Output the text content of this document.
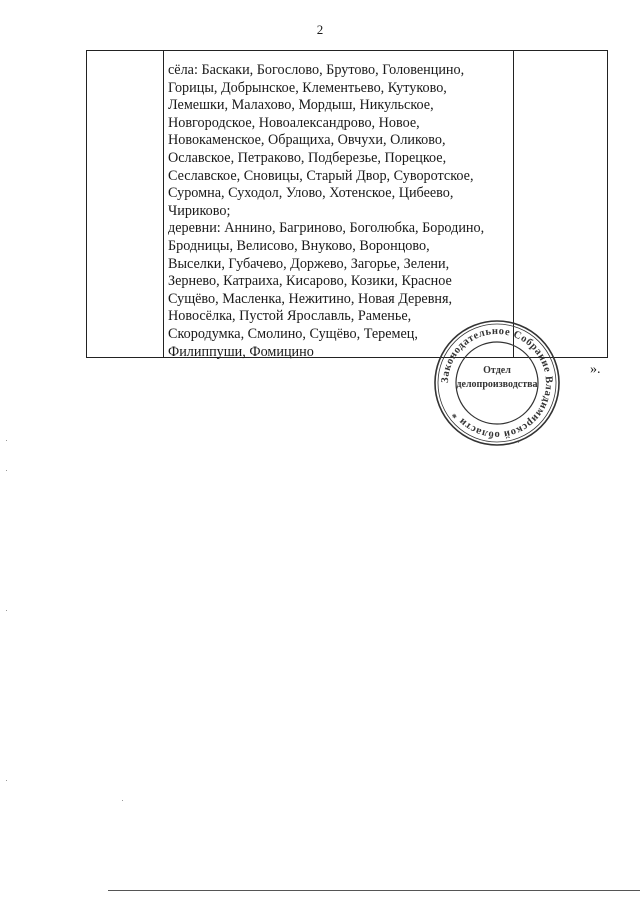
2
сёла: Баскаки, Богослово, Брутово, Головенцино,
Горицы, Добрынское, Клементьево, Кутуково,
Лемешки, Малахово, Мордыш, Никульское,
Новгородское, Новоалександрово, Новое,
Новокаменское, Обращиха, Овчухи, Оликово,
Ославское, Петраково, Подберезье, Порецкое,
Сеславское, Сновицы, Старый Двор, Суворотское,
Суромна, Суходол, Улово, Хотенское, Цибеево,
Чириково;
деревни: Аннино, Багриново, Боголюбка, Бородино,
Бродницы, Велисово, Внуково, Воронцово,
Выселки, Губачево, Доржево, Загорье, Зелени,
Зернево, Катраиха, Кисарово, Козики, Красное
Сущёво, Масленка, Нежитино, Новая Деревня,
Новосёлка, Пустой Ярославль, Раменье,
Скородумка, Смолино, Сущёво, Теремец,
Филиппуши, Фомицино
».
Законодательное Собрание Владимирской области *
Отдел
делопроизводства
